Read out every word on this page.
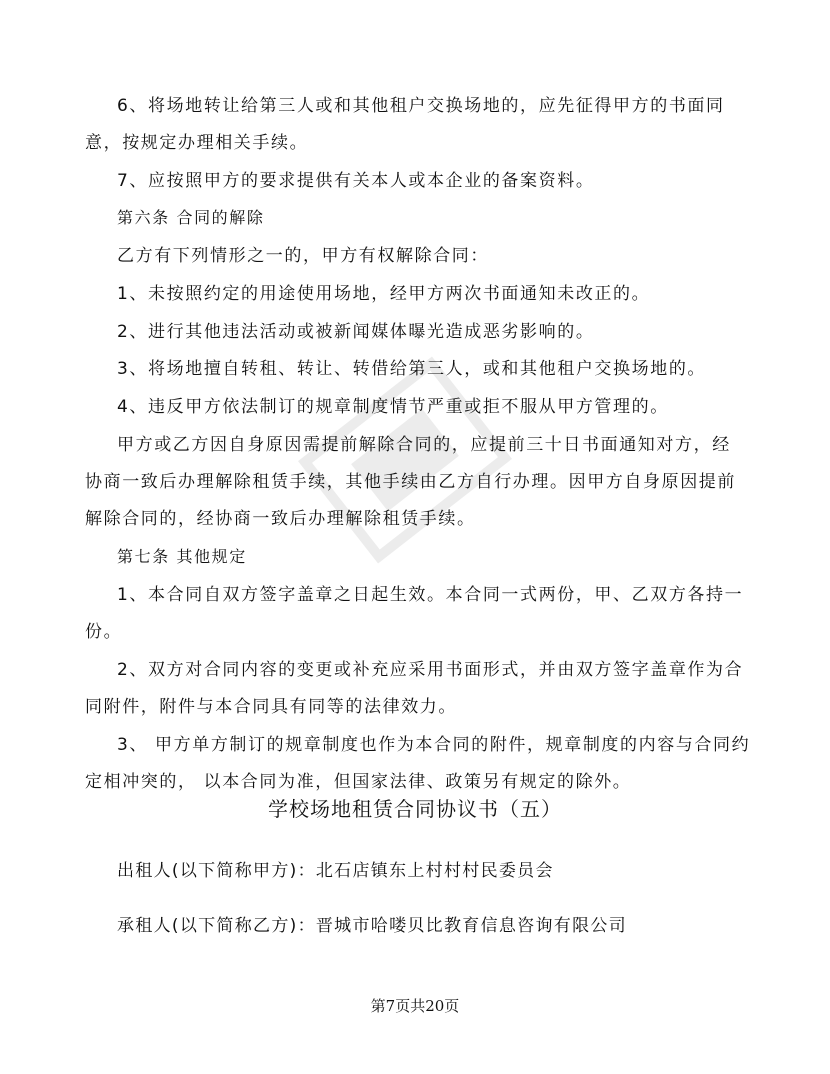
6、将场地转让给第三人或和其他租户交换场地的，应先征得甲方的书面同
意，按规定办理相关手续。
7、应按照甲方的要求提供有关本人或本企业的备案资料。
第六条 合同的解除
乙方有下列情形之一的，甲方有权解除合同：
1、未按照约定的用途使用场地，经甲方两次书面通知未改正的。
2、进行其他违法活动或被新闻媒体曝光造成恶劣影响的。
3、将场地擅自转租、转让、转借给第三人，或和其他租户交换场地的。
4、违反甲方依法制订的规章制度情节严重或拒不服从甲方管理的。
甲方或乙方因自身原因需提前解除合同的，应提前三十日书面通知对方，经
协商一致后办理解除租赁手续，其他手续由乙方自行办理。因甲方自身原因提前
解除合同的，经协商一致后办理解除租赁手续。
第七条 其他规定
1、本合同自双方签字盖章之日起生效。本合同一式两份，甲、乙双方各持一
份。
2、双方对合同内容的变更或补充应采用书面形式，并由双方签字盖章作为合
同附件，附件与本合同具有同等的法律效力。
3、 甲方单方制订的规章制度也作为本合同的附件，规章制度的内容与合同约
定相冲突的， 以本合同为准，但国家法律、政策另有规定的除外。
学校场地租赁合同协议书（五）
出租人(以下简称甲方)：北石店镇东上村村村民委员会
承租人(以下简称乙方)：晋城市哈喽贝比教育信息咨询有限公司
第7页共20页
